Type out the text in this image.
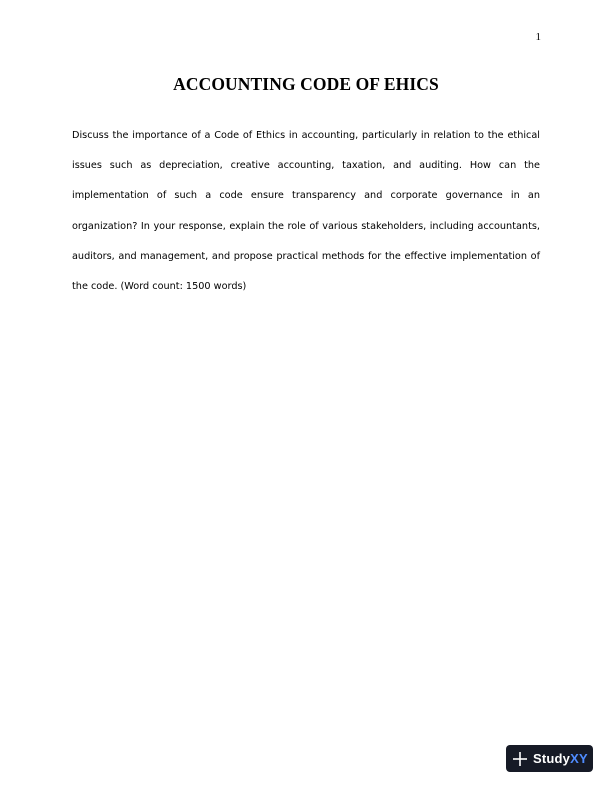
1
ACCOUNTING CODE OF EHICS

Discuss the importance of a Code of Ethics in accounting, particularly in relation to the ethical issues such as depreciation, creative accounting, taxation, and auditing. How can the implementation of such a code ensure transparency and corporate governance in an organization? In your response, explain the role of various stakeholders, including accountants, auditors, and management, and propose practical methods for the effective implementation of the code. (Word count: 1500 words)

StudyXY
